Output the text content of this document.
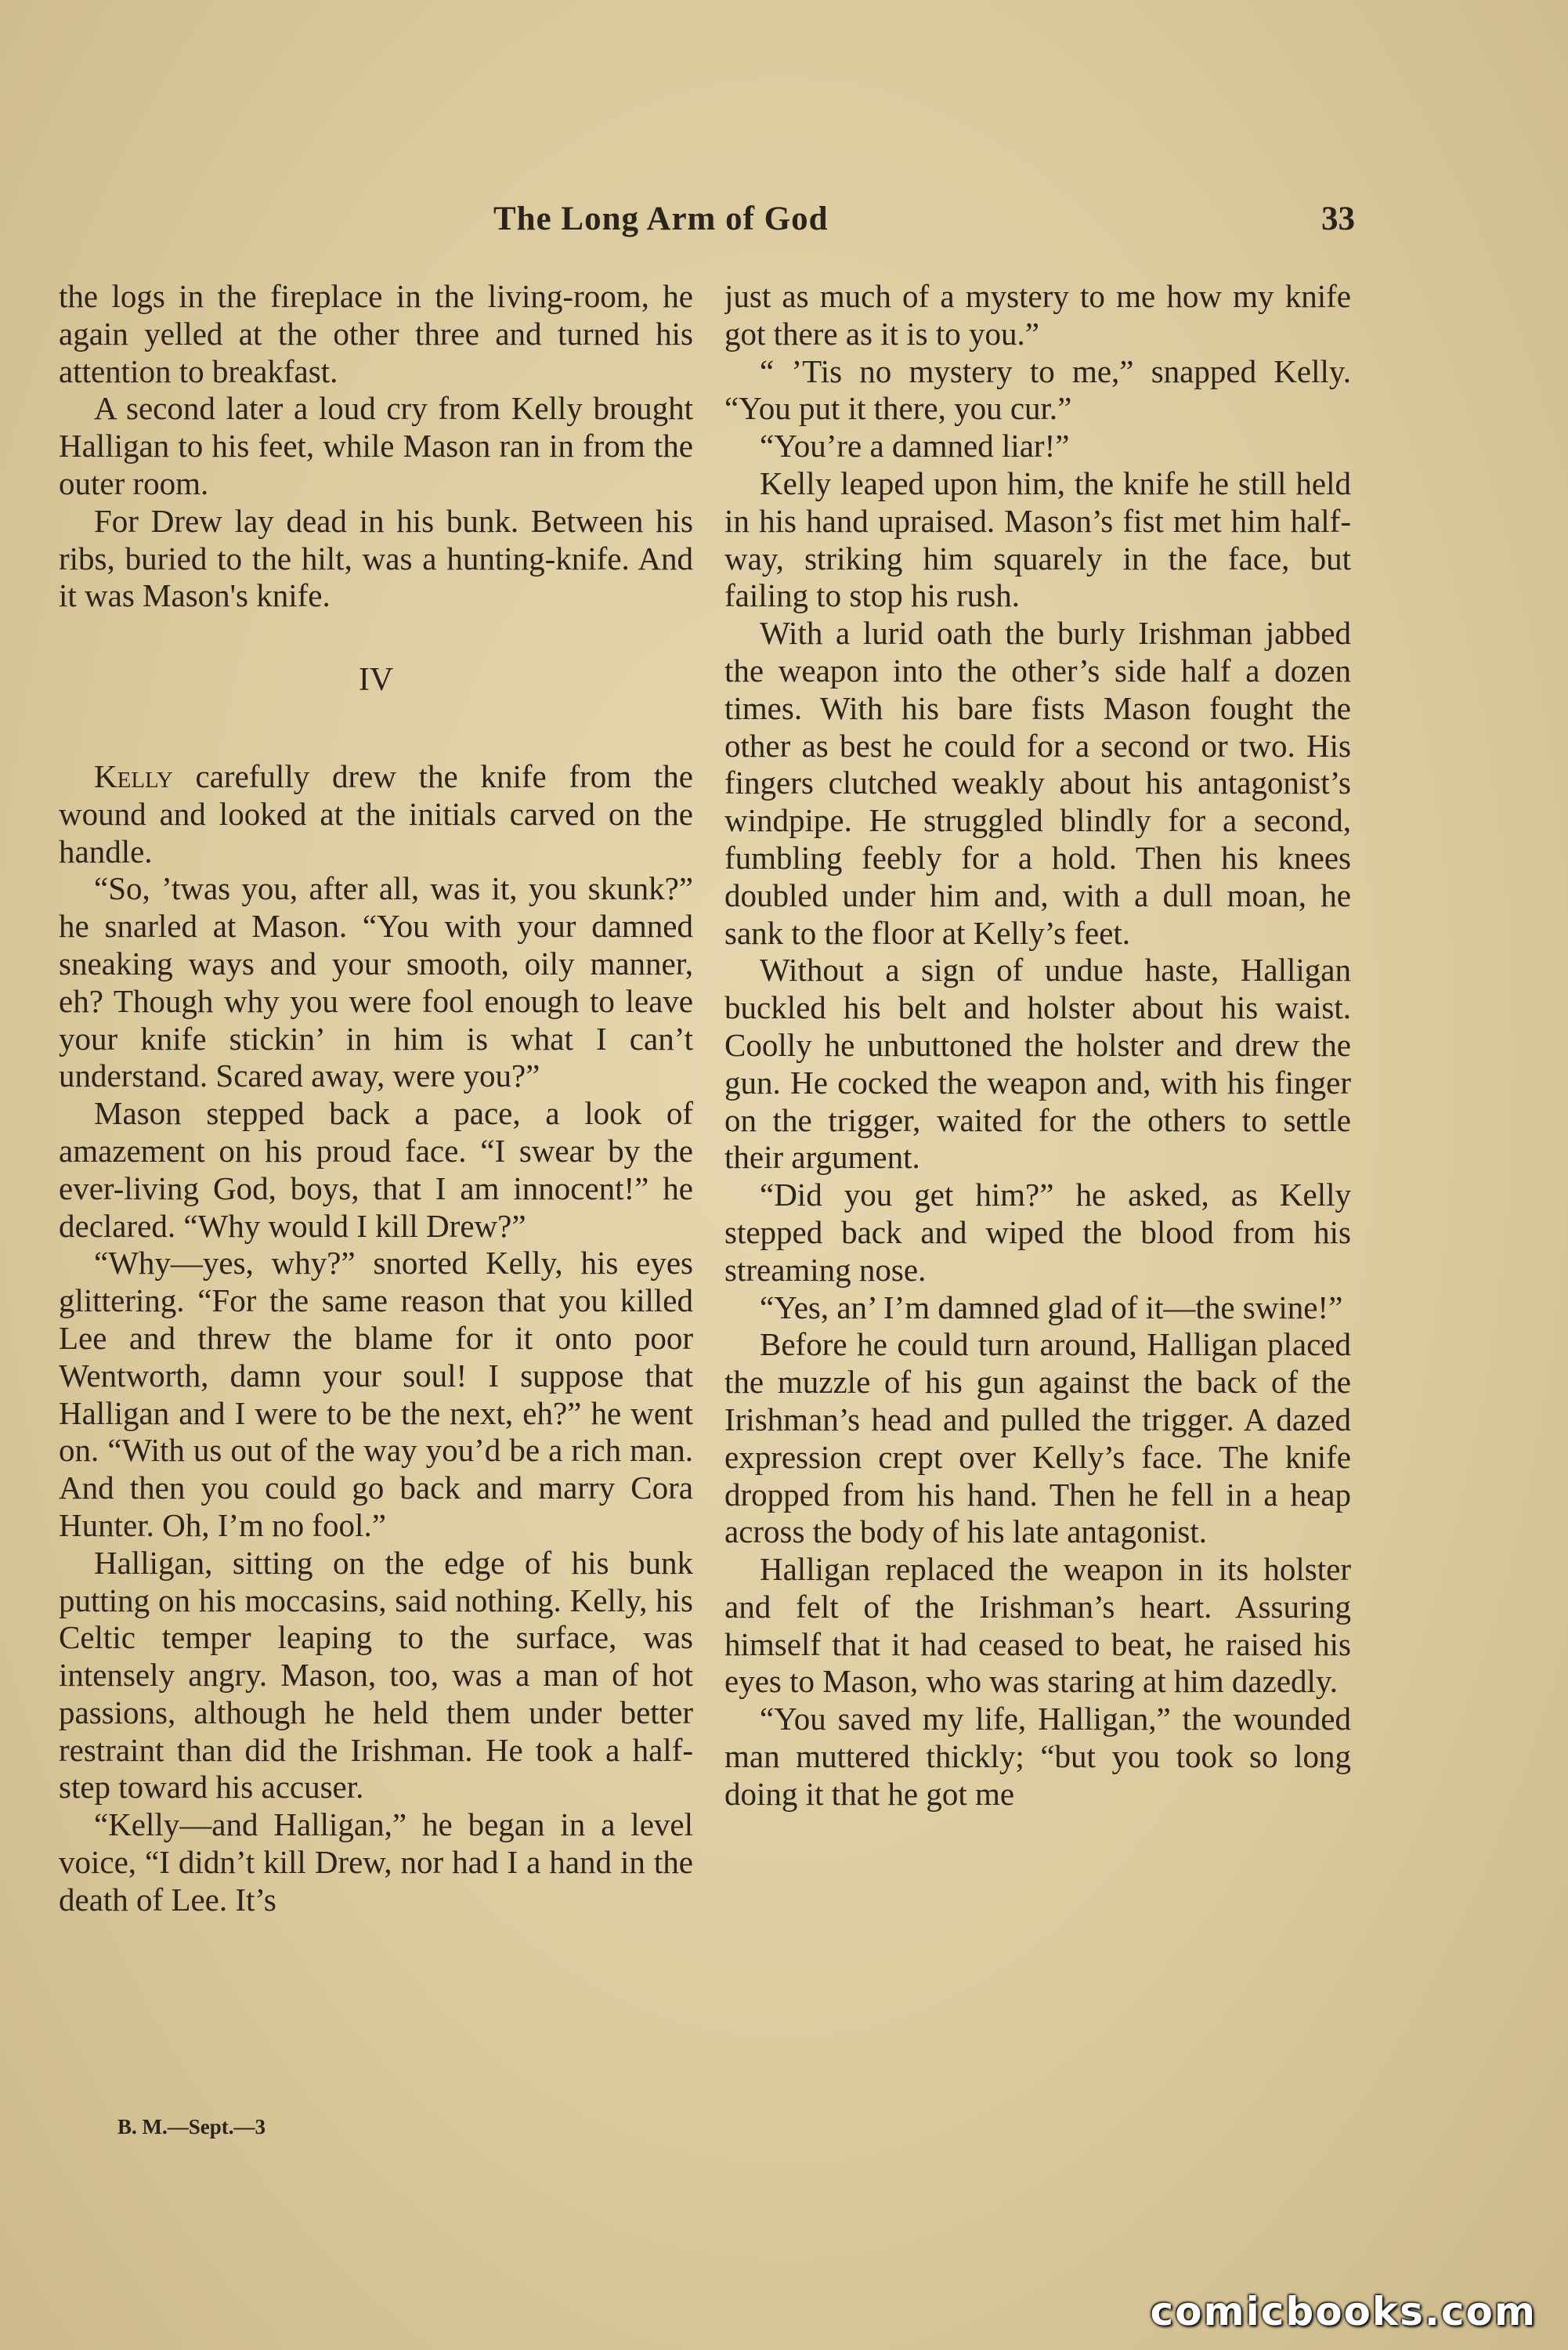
The Long Arm of God	33

the logs in the fireplace in the living-room, he again yelled at the other three and turned his attention to breakfast.

A second later a loud cry from Kelly brought Halligan to his feet, while Mason ran in from the outer room.

For Drew lay dead in his bunk. Between his ribs, buried to the hilt, was a hunting-knife. And it was Mason's knife.

IV

Kelly carefully drew the knife from the wound and looked at the initials carved on the handle.

“So, ’twas you, after all, was it, you skunk?” he snarled at Mason. “You with your damned sneaking ways and your smooth, oily manner, eh? Though why you were fool enough to leave your knife stickin’ in him is what I can’t understand. Scared away, were you?”

Mason stepped back a pace, a look of amazement on his proud face. “I swear by the ever-living God, boys, that I am innocent!” he declared. “Why would I kill Drew?”

“Why—yes, why?” snorted Kelly, his eyes glittering. “For the same reason that you killed Lee and threw the blame for it onto poor Wentworth, damn your soul! I suppose that Halligan and I were to be the next, eh?” he went on. “With us out of the way you’d be a rich man. And then you could go back and marry Cora Hunter. Oh, I’m no fool.”

Halligan, sitting on the edge of his bunk putting on his moccasins, said nothing. Kelly, his Celtic temper leaping to the surface, was intensely angry. Mason, too, was a man of hot passions, although he held them under better restraint than did the Irishman. He took a half-step toward his accuser.

“Kelly—and Halligan,” he began in a level voice, “I didn’t kill Drew, nor had I a hand in the death of Lee. It’s

just as much of a mystery to me how my knife got there as it is to you.”

“ ’Tis no mystery to me,” snapped Kelly. “You put it there, you cur.”

“You’re a damned liar!”

Kelly leaped upon him, the knife he still held in his hand upraised. Mason’s fist met him half-way, striking him squarely in the face, but failing to stop his rush.

With a lurid oath the burly Irishman jabbed the weapon into the other’s side half a dozen times. With his bare fists Mason fought the other as best he could for a second or two. His fingers clutched weakly about his antagonist’s windpipe. He struggled blindly for a second, fumbling feebly for a hold. Then his knees doubled under him and, with a dull moan, he sank to the floor at Kelly’s feet.

Without a sign of undue haste, Halligan buckled his belt and holster about his waist. Coolly he unbuttoned the holster and drew the gun. He cocked the weapon and, with his finger on the trigger, waited for the others to settle their argument.

“Did you get him?” he asked, as Kelly stepped back and wiped the blood from his streaming nose.

“Yes, an’ I’m damned glad of it—the swine!”

Before he could turn around, Halligan placed the muzzle of his gun against the back of the Irishman’s head and pulled the trigger. A dazed expression crept over Kelly’s face. The knife dropped from his hand. Then he fell in a heap across the body of his late antagonist.

Halligan replaced the weapon in its holster and felt of the Irishman’s heart. Assuring himself that it had ceased to beat, he raised his eyes to Mason, who was staring at him dazedly.

“You saved my life, Halligan,” the wounded man muttered thickly; “but you took so long doing it that he got me

B. M.—Sept.—3
comicbooks.com
